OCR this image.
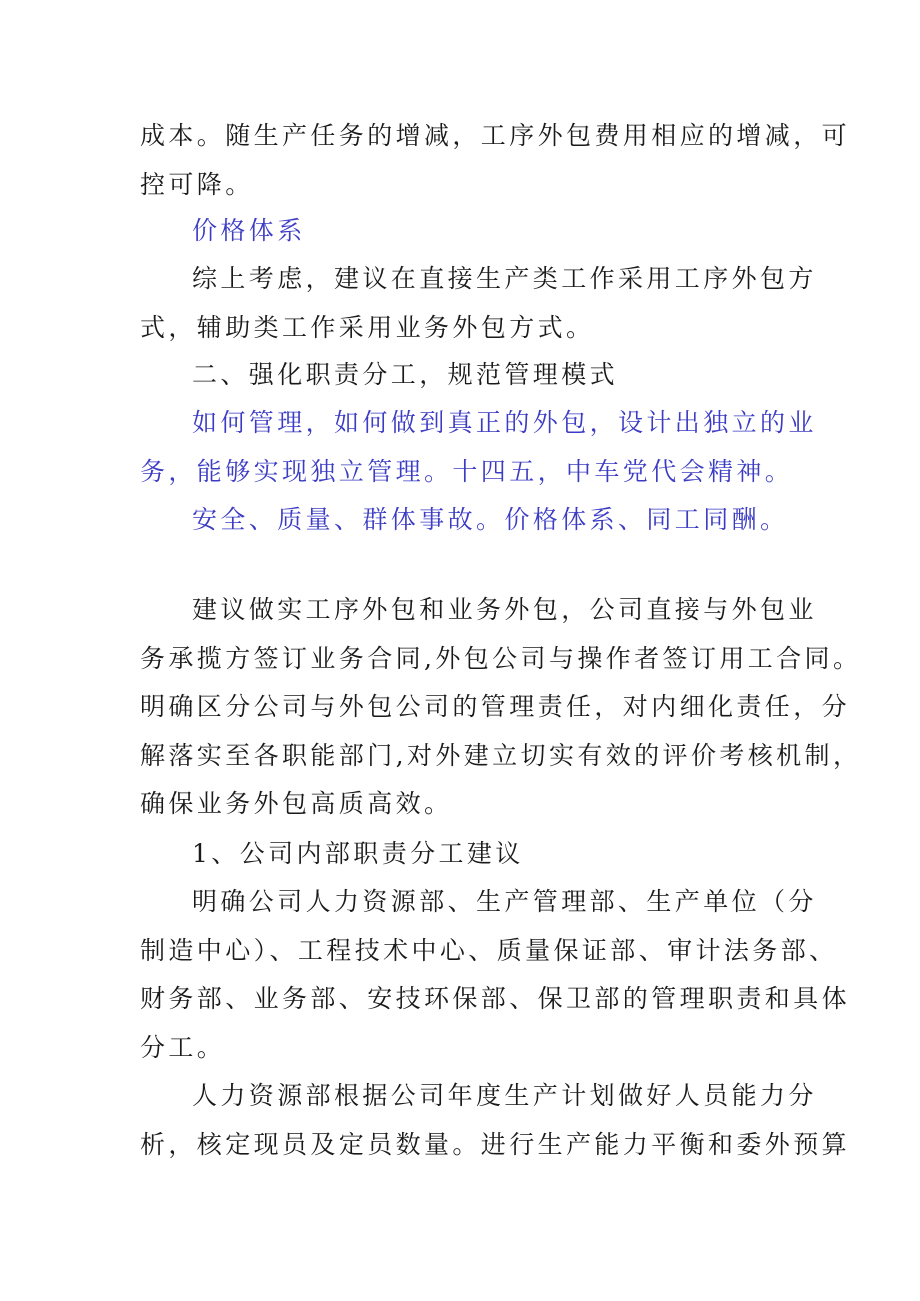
成本。随生产任务的增减，工序外包费用相应的增减，可
控可降。

价格体系

综上考虑，建议在直接生产类工作采用工序外包方
式，辅助类工作采用业务外包方式。

二、强化职责分工，规范管理模式

如何管理，如何做到真正的外包，设计出独立的业
务，能够实现独立管理。十四五，中车党代会精神。

安全、质量、群体事故。价格体系、同工同酬。

建议做实工序外包和业务外包，公司直接与外包业
务承揽方签订业务合同,外包公司与操作者签订用工合同。
明确区分公司与外包公司的管理责任，对内细化责任，分
解落实至各职能部门,对外建立切实有效的评价考核机制，
确保业务外包高质高效。

1、公司内部职责分工建议

明确公司人力资源部、生产管理部、生产单位（分
制造中心）、工程技术中心、质量保证部、审计法务部、
财务部、业务部、安技环保部、保卫部的管理职责和具体
分工。

人力资源部根据公司年度生产计划做好人员能力分
析，核定现员及定员数量。进行生产能力平衡和委外预算
